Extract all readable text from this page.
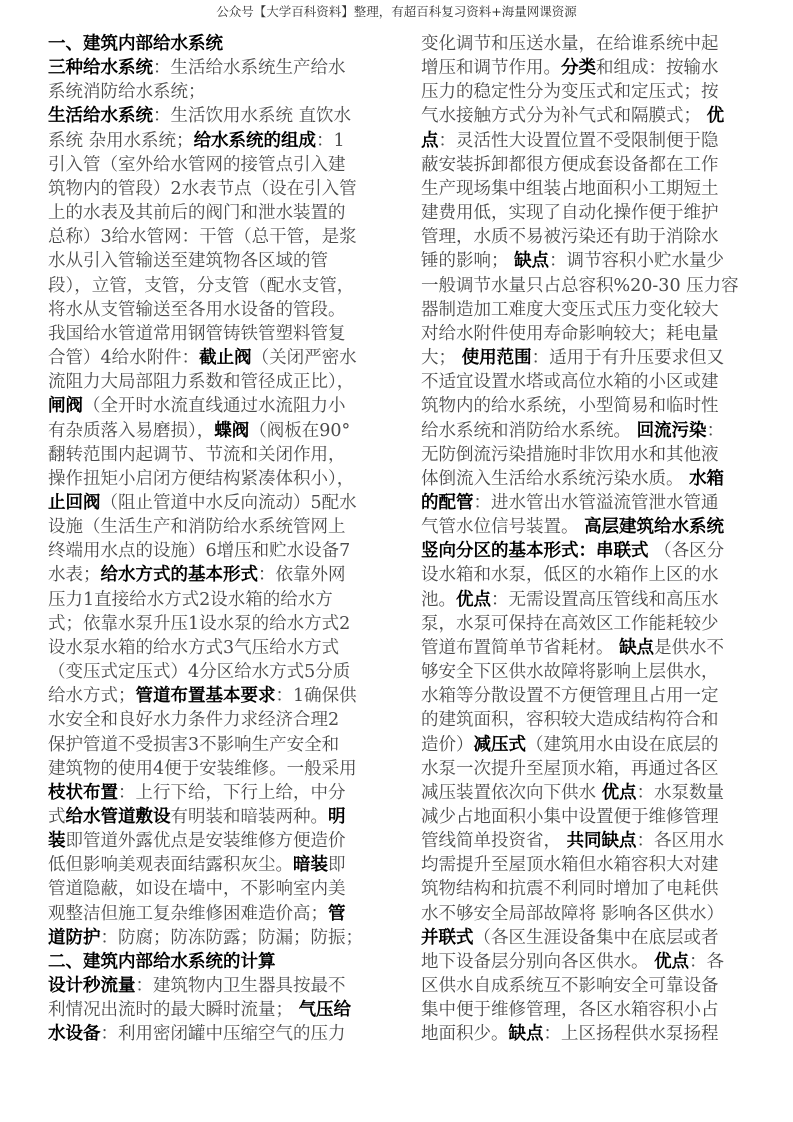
公众号【大学百科资料】整理，有超百科复习资料+海量网课资源
一、建筑内部给水系统
三种给水系统：生活给水系统生产给水
系统消防给水系统；
生活给水系统：生活饮用水系统 直饮水
系统 杂用水系统；给水系统的组成：1
引入管（室外给水管网的接管点引入建
筑物内的管段）2水表节点（设在引入管
上的水表及其前后的阀门和泄水装置的
总称）3给水管网：干管（总干管，是浆
水从引入管输送至建筑物各区域的管
段），立管，支管，分支管（配水支管，
将水从支管输送至各用水设备的管段。
我国给水管道常用钢管铸铁管塑料管复
合管）4给水附件：截止阀（关闭严密水
流阻力大局部阻力系数和管径成正比），
闸阀（全开时水流直线通过水流阻力小
有杂质落入易磨损），蝶阀（阀板在90°
翻转范围内起调节、节流和关闭作用，
操作扭矩小启闭方便结构紧凑体积小），
止回阀（阻止管道中水反向流动）5配水
设施（生活生产和消防给水系统管网上
终端用水点的设施）6增压和贮水设备7
水表；给水方式的基本形式：依靠外网
压力1直接给水方式2设水箱的给水方
式；依靠水泵升压1设水泵的给水方式2
设水泵水箱的给水方式3气压给水方式
（变压式定压式）4分区给水方式5分质
给水方式；管道布置基本要求：1确保供
水安全和良好水力条件力求经济合理2
保护管道不受损害3不影响生产安全和
建筑物的使用4便于安装维修。一般采用
枝状布置：上行下给，下行上给，中分
式给水管道敷设有明装和暗装两种。明
装即管道外露优点是安装维修方便造价
低但影响美观表面结露积灰尘。暗装即
管道隐蔽，如设在墙中，不影响室内美
观整洁但施工复杂维修困难造价高；管
道防护：防腐；防冻防露；防漏；防振；
二、建筑内部给水系统的计算
设计秒流量：建筑物内卫生器具按最不
利情况出流时的最大瞬时流量； 气压给
水设备：利用密闭罐中压缩空气的压力
变化调节和压送水量，在给谁系统中起
增压和调节作用。分类和组成：按输水
压力的稳定性分为变压式和定压式；按
气水接触方式分为补气式和隔膜式； 优
点：灵活性大设置位置不受限制便于隐
蔽安装拆卸都很方便成套设备都在工作
生产现场集中组装占地面积小工期短土
建费用低，实现了自动化操作便于维护
管理，水质不易被污染还有助于消除水
锤的影响； 缺点：调节容积小贮水量少
一般调节水量只占总容积%20-30 压力容
器制造加工难度大变压式压力变化较大
对给水附件使用寿命影响较大；耗电量
大； 使用范围：适用于有升压要求但又
不适宜设置水塔或高位水箱的小区或建
筑物内的给水系统，小型简易和临时性
给水系统和消防给水系统。 回流污染：
无防倒流污染措施时非饮用水和其他液
体倒流入生活给水系统污染水质。 水箱
的配管：进水管出水管溢流管泄水管通
气管水位信号装置。 高层建筑给水系统
竖向分区的基本形式：串联式 （各区分
设水箱和水泵，低区的水箱作上区的水
池。优点：无需设置高压管线和高压水
泵，水泵可保持在高效区工作能耗较少
管道布置简单节省耗材。 缺点是供水不
够安全下区供水故障将影响上层供水，
水箱等分散设置不方便管理且占用一定
的建筑面积，容积较大造成结构符合和
造价）减压式（建筑用水由设在底层的
水泵一次提升至屋顶水箱，再通过各区
减压装置依次向下供水 优点：水泵数量
减少占地面积小集中设置便于维修管理
管线简单投资省， 共同缺点：各区用水
均需提升至屋顶水箱但水箱容积大对建
筑物结构和抗震不利同时增加了电耗供
水不够安全局部故障将 影响各区供水）
并联式（各区生涯设备集中在底层或者
地下设备层分别向各区供水。 优点：各
区供水自成系统互不影响安全可靠设备
集中便于维修管理，各区水箱容积小占
地面积少。缺点：上区扬程供水泵扬程
